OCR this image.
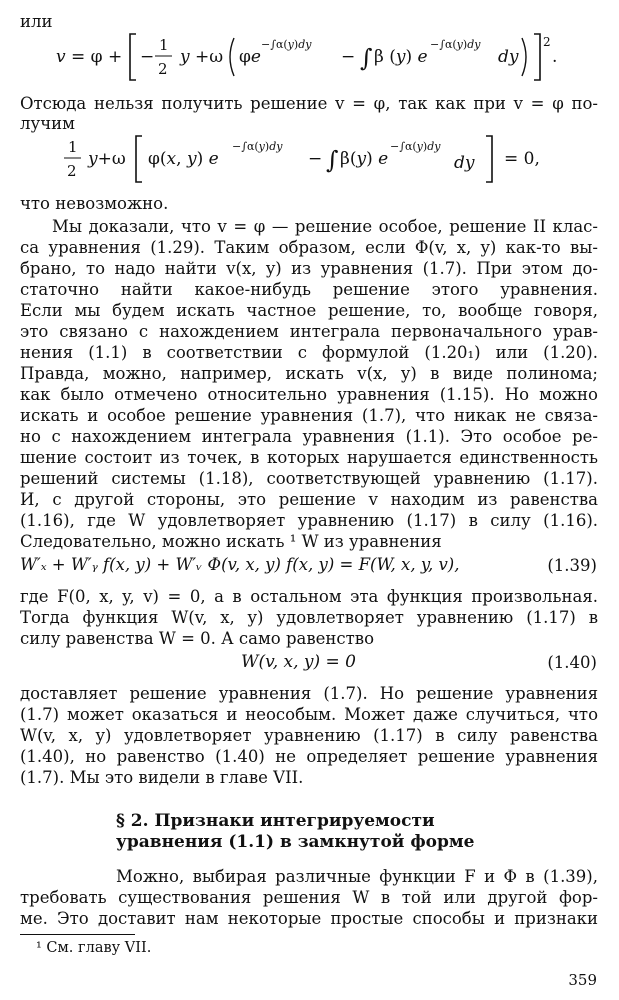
или
v = φ + −
1
2
y +ω φe
−∫α(y)dy
− ∫ β (y) e
−∫α(y)dy
dy
2
.
Отсюда нельзя получить решение v = φ, так как при v = φ по-
лучим
1
2
y+ω φ(x, y) e
−∫α(y)dy
− ∫ β(y) e
−∫α(y)dy
dy = 0,
что невозможно.
Мы доказали, что v = φ — решение особое, решение II клас-
са уравнения (1.29). Таким образом, если Φ(v, x, y) как-то вы-
брано, то надо найти v(x, y) из уравнения (1.7). При этом до-
статочно найти какое-нибудь решение этого уравнения.
Если мы будем искать частное решение, то, вообще говоря,
это связано с нахождением интеграла первоначального урав-
нения (1.1) в соответствии с формулой (1.20₁) или (1.20).
Правда, можно, например, искать v(x, y) в виде полинома;
как было отмечено относительно уравнения (1.15). Но можно
искать и особое решение уравнения (1.7), что никак не связа-
но с нахождением интеграла уравнения (1.1). Это особое ре-
шение состоит из точек, в которых нарушается единственность
решений системы (1.18), соответствующей уравнению (1.17).
И, с другой стороны, это решение v находим из равенства
(1.16), где W удовлетворяет уравнению (1.17) в силу (1.16).
Следовательно, можно искать ¹ W из уравнения
W′ₓ + W′ᵧ f(x, y) + W′ᵥ Φ(v, x, y) f(x, y) = F(W, x, y, v),	(1.39)
где F(0, x, y, v) = 0, а в остальном эта функция произвольная.
Тогда функция W(v, x, y) удовлетворяет уравнению (1.17) в
силу равенства W = 0. А само равенство
W(v, x, y) = 0	(1.40)
доставляет решение уравнения (1.7). Но решение уравнения
(1.7) может оказаться и неособым. Может даже случиться, что
W(v, x, y) удовлетворяет уравнению (1.17) в силу равенства
(1.40), но равенство (1.40) не определяет решение уравнения
(1.7). Мы это видели в главе VII.
§ 2. Признаки интегрируемости
уравнения (1.1) в замкнутой форме
Можно, выбирая различные функции F и Φ в (1.39),
требовать существования решения W в той или другой фор-
ме. Это доставит нам некоторые простые способы и признаки
¹ См. главу VII.
359
